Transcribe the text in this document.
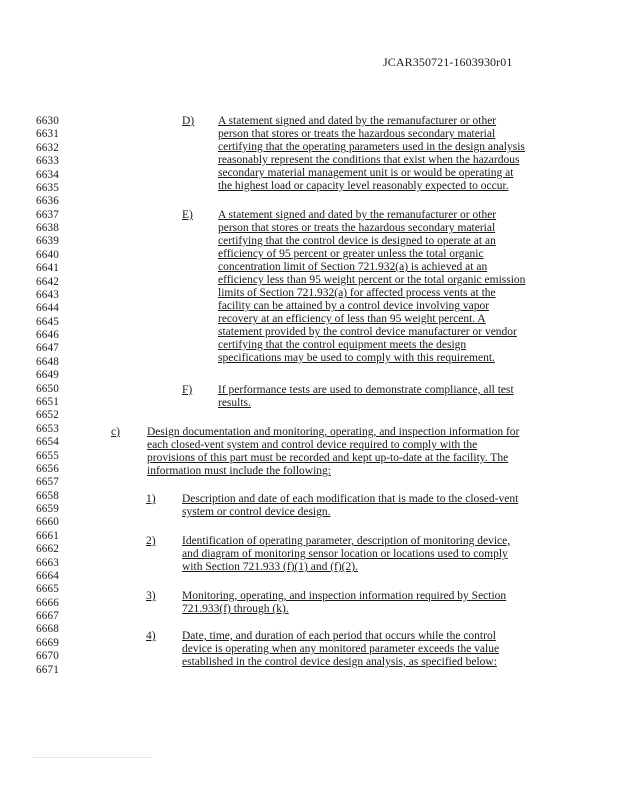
JCAR350721-1603930r01
6630
6631
6632
6633
6634
6635
6636
6637
6638
6639
6640
6641
6642
6643
6644
6645
6646
6647
6648
6649
6650
6651
6652
6653
6654
6655
6656
6657
6658
6659
6660
6661
6662
6663
6664
6665
6666
6667
6668
6669
6670
6671
D) A statement signed and dated by the remanufacturer or other
person that stores or treats the hazardous secondary material
certifying that the operating parameters used in the design analysis
reasonably represent the conditions that exist when the hazardous
secondary material management unit is or would be operating at
the highest load or capacity level reasonably expected to occur.
E) A statement signed and dated by the remanufacturer or other
person that stores or treats the hazardous secondary material
certifying that the control device is designed to operate at an
efficiency of 95 percent or greater unless the total organic
concentration limit of Section 721.932(a) is achieved at an
efficiency less than 95 weight percent or the total organic emission
limits of Section 721.932(a) for affected process vents at the
facility can be attained by a control device involving vapor
recovery at an efficiency of less than 95 weight percent. A
statement provided by the control device manufacturer or vendor
certifying that the control equipment meets the design
specifications may be used to comply with this requirement.
F) If performance tests are used to demonstrate compliance, all test
results.
c) Design documentation and monitoring, operating, and inspection information for
each closed-vent system and control device required to comply with the
provisions of this part must be recorded and kept up-to-date at the facility. The
information must include the following:
1) Description and date of each modification that is made to the closed-vent
system or control device design.
2) Identification of operating parameter, description of monitoring device,
and diagram of monitoring sensor location or locations used to comply
with Section 721.933 (f)(1) and (f)(2).
3) Monitoring, operating, and inspection information required by Section
721.933(f) through (k).
4) Date, time, and duration of each period that occurs while the control
device is operating when any monitored parameter exceeds the value
established in the control device design analysis, as specified below:
